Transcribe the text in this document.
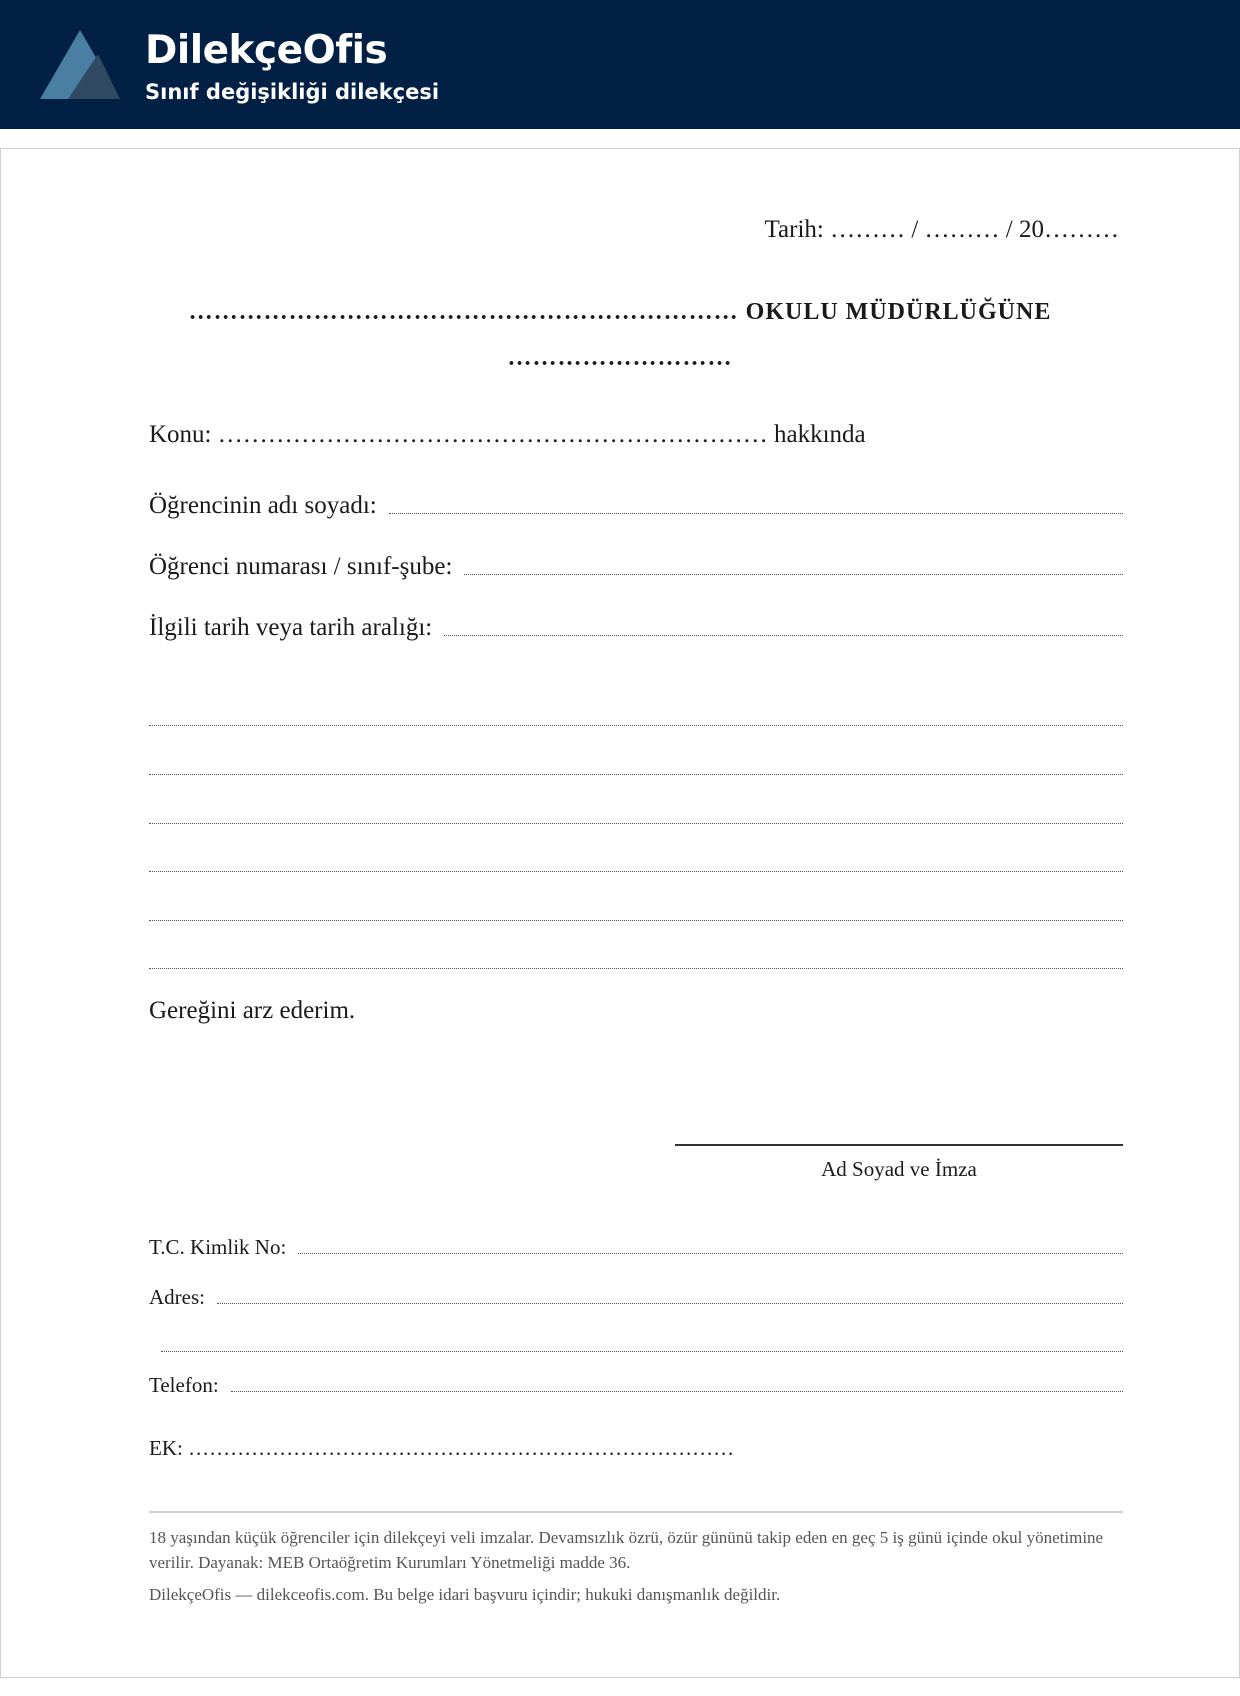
DilekçeOfis
Sınıf değişikliği dilekçesi
Tarih: ……… / ……… / 20………
………………………………………………………… OKULU MÜDÜRLÜĞÜNE ………………………
Konu: ………………………………………………………… hakkında
Öğrencinin adı soyadı:
Öğrenci numarası / sınıf-şube:
İlgili tarih veya tarih aralığı:
Gereğini arz ederim.
Ad Soyad ve İmza
T.C. Kimlik No:
Adres:
Telefon:
EK: ……………………………………………………………………
18 yaşından küçük öğrenciler için dilekçeyi veli imzalar. Devamsızlık özrü, özür gününü takip eden en geç 5 iş günü içinde okul yönetimine verilir. Dayanak: MEB Ortaöğretim Kurumları Yönetmeliği madde 36.
DilekçeOfis — dilekceofis.com. Bu belge idari başvuru içindir; hukuki danışmanlık değildir.
